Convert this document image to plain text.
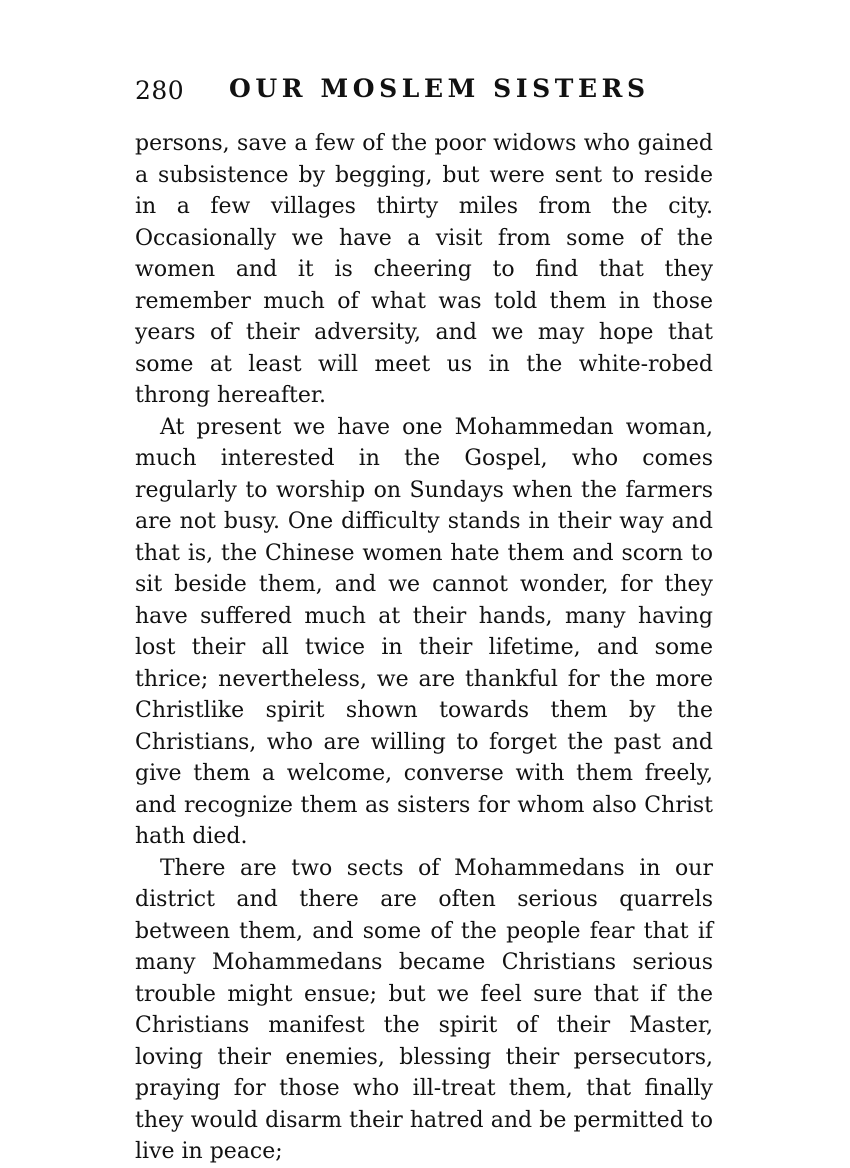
280 OUR MOSLEM SISTERS

persons, save a few of the poor widows who gained a subsistence by begging, but were sent to reside in a few villages thirty miles from the city. Occasionally we have a visit from some of the women and it is cheering to find that they remember much of what was told them in those years of their adversity, and we may hope that some at least will meet us in the white-robed throng hereafter.

At present we have one Mohammedan woman, much interested in the Gospel, who comes regularly to worship on Sundays when the farmers are not busy. One difficulty stands in their way and that is, the Chinese women hate them and scorn to sit beside them, and we cannot wonder, for they have suffered much at their hands, many having lost their all twice in their lifetime, and some thrice; nevertheless, we are thankful for the more Christlike spirit shown towards them by the Christians, who are willing to forget the past and give them a welcome, converse with them freely, and recognize them as sisters for whom also Christ hath died.

There are two sects of Mohammedans in our district and there are often serious quarrels between them, and some of the people fear that if many Mohammedans became Christians serious trouble might ensue; but we feel sure that if the Christians manifest the spirit of their Master, loving their enemies, blessing their persecutors, praying for those who ill-treat them, that finally they would disarm their hatred and be permitted to live in peace;
